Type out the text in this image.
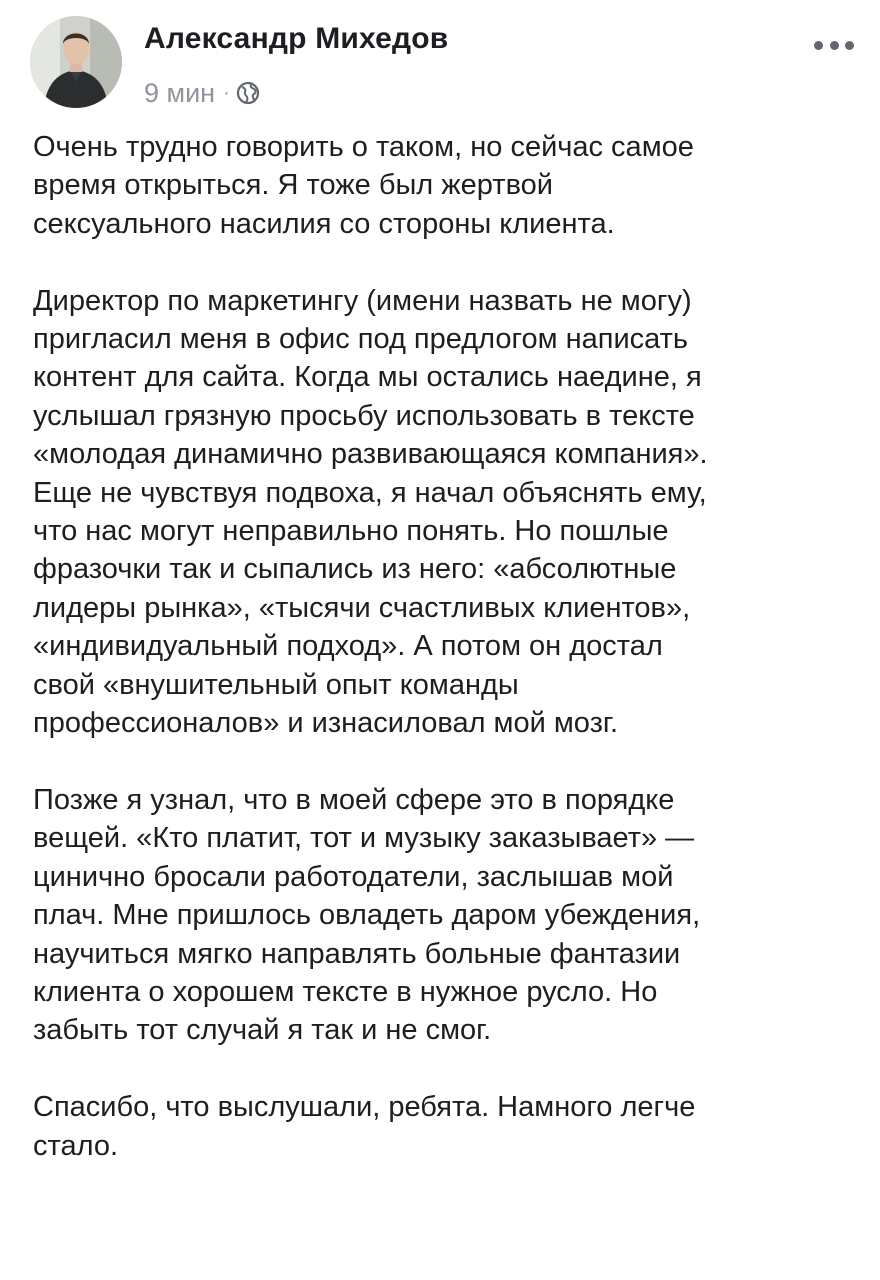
Александр Михедов
9 мин ·

Очень трудно говорить о таком, но сейчас самое
время открыться. Я тоже был жертвой
сексуального насилия со стороны клиента.

Директор по маркетингу (имени назвать не могу)
пригласил меня в офис под предлогом написать
контент для сайта. Когда мы остались наедине, я
услышал грязную просьбу использовать в тексте
«молодая динамично развивающаяся компания».
Еще не чувствуя подвоха, я начал объяснять ему,
что нас могут неправильно понять. Но пошлые
фразочки так и сыпались из него: «абсолютные
лидеры рынка», «тысячи счастливых клиентов»,
«индивидуальный подход». А потом он достал
свой «внушительный опыт команды
профессионалов» и изнасиловал мой мозг.

Позже я узнал, что в моей сфере это в порядке
вещей. «Кто платит, тот и музыку заказывает» —
цинично бросали работодатели, заслышав мой
плач. Мне пришлось овладеть даром убеждения,
научиться мягко направлять больные фантазии
клиента о хорошем тексте в нужное русло. Но
забыть тот случай я так и не смог.

Спасибо, что выслушали, ребята. Намного легче
стало.
